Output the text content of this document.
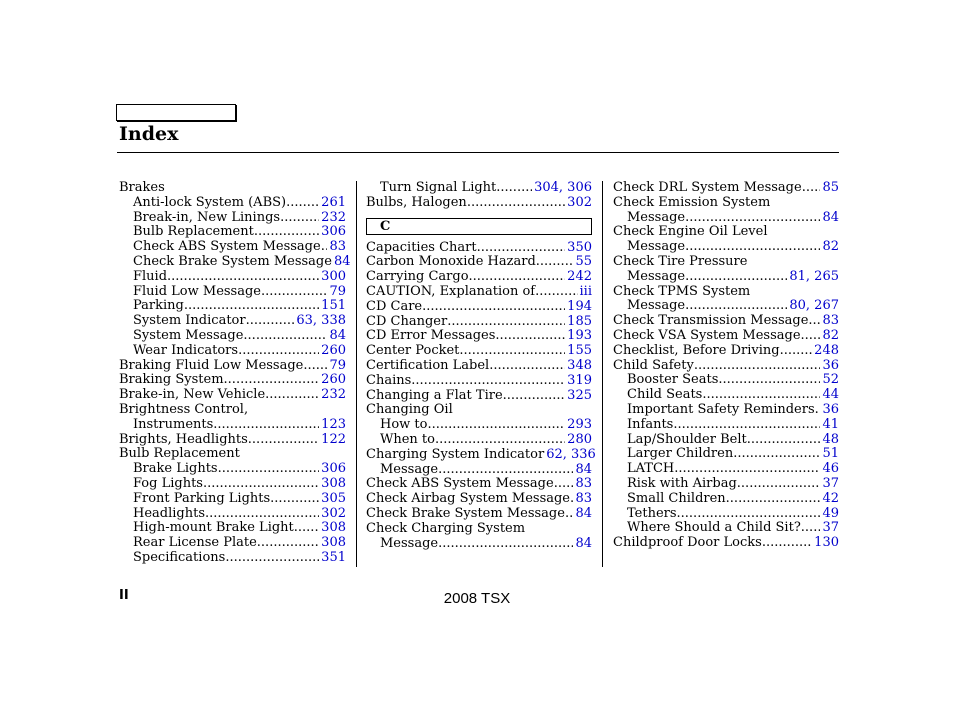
Index
Brakes
Anti-lock System (ABS) .....	261
Break-in, New Linings .....	232
Bulb Replacement .....	306
Check ABS System Message ..... 83
Check Brake System Message 84
Fluid .....	300
Fluid Low Message .....	79
Parking .....	151
System Indicator .....	63, 338
System Message .....	84
Wear Indicators .....	260
Braking Fluid Low Message ..... 79
Braking System .....	260
Brake-in, New Vehicle .....	232
Brightness Control,
Instruments .....	123
Brights, Headlights .....	122
Bulb Replacement
Brake Lights .....	306
Fog Lights .....	308
Front Parking Lights .....	305
Headlights .....	302
High-mount Brake Light ..... 308
Rear License Plate .....	308
Specifications .....	351
Turn Signal Light .....	304, 306
Bulbs, Halogen .....	302
C
Capacities Chart .....	350
Carbon Monoxide Hazard .....	55
Carrying Cargo .....	242
CAUTION, Explanation of .....	iii
CD Care .....	194
CD Changer .....	185
CD Error Messages .....	193
Center Pocket .....	155
Certification Label .....	348
Chains .....	319
Changing a Flat Tire .....	325
Changing Oil
How to .....	293
When to .....	280
Charging System Indicator 62, 336
Message .....	84
Check ABS System Message ..... 83
Check Airbag System Message ..... 83
Check Brake System Message ..... 84
Check Charging System
Message .....	84
Check DRL System Message ..... 85
Check Emission System
Message .....	84
Check Engine Oil Level
Message .....	82
Check Tire Pressure
Message .....	81, 265
Check TPMS System
Message .....	80, 267
Check Transmission Message ..... 83
Check VSA System Message ..... 82
Checklist, Before Driving .....	248
Child Safety .....	36
Booster Seats .....	52
Child Seats .....	44
Important Safety Reminders ..... 36
Infants .....	41
Lap/Shoulder Belt .....	48
Larger Children .....	51
LATCH .....	46
Risk with Airbag .....	37
Small Children .....	42
Tethers .....	49
Where Should a Child Sit? ..... 37
Childproof Door Locks .....	130
II	2008 TSX
